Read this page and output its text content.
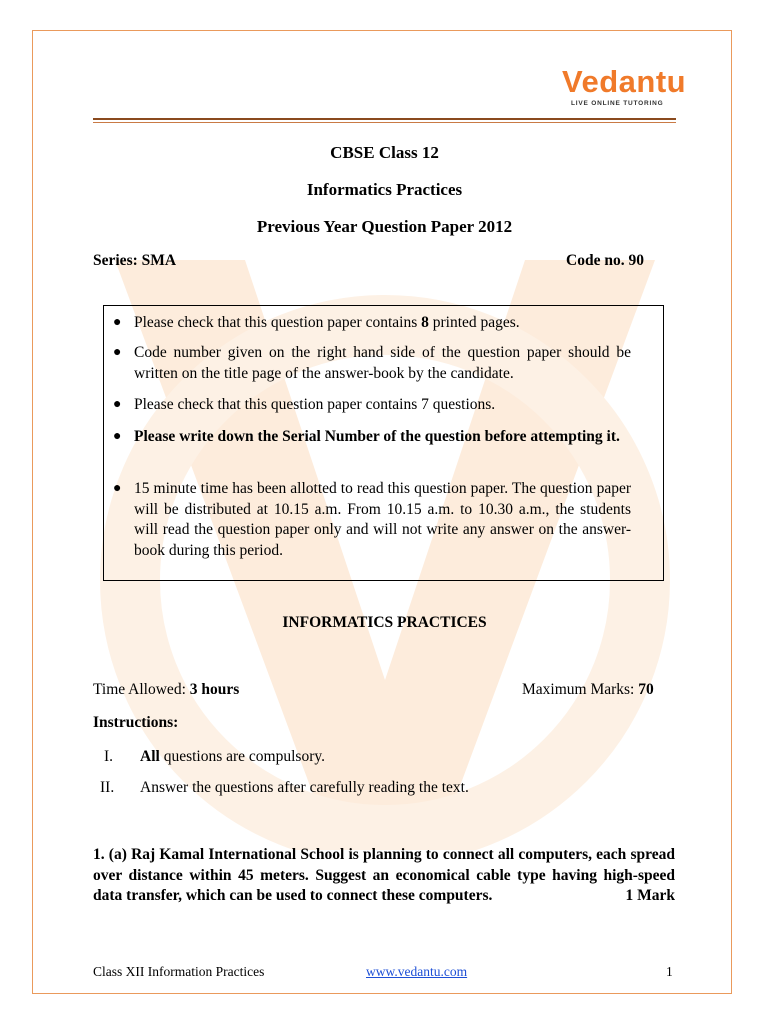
Vedantu
LIVE ONLINE TUTORING
CBSE Class 12
Informatics Practices
Previous Year Question Paper 2012
Series: SMA	Code no. 90
● Please check that this question paper contains 8 printed pages.
● Code number given on the right hand side of the question paper should be written on the title page of the answer-book by the candidate.
● Please check that this question paper contains 7 questions.
● Please write down the Serial Number of the question before attempting it.
● 15 minute time has been allotted to read this question paper. The question paper will be distributed at 10.15 a.m. From 10.15 a.m. to 10.30 a.m., the students will read the question paper only and will not write any answer on the answer-book during this period.
INFORMATICS PRACTICES
Time Allowed: 3 hours	Maximum Marks: 70
Instructions:
I. All questions are compulsory.
II. Answer the questions after carefully reading the text.
1. (a) Raj Kamal International School is planning to connect all computers, each spread over distance within 45 meters. Suggest an economical cable type having high-speed data transfer, which can be used to connect these computers.	1 Mark
Class XII Information Practices	www.vedantu.com	1
